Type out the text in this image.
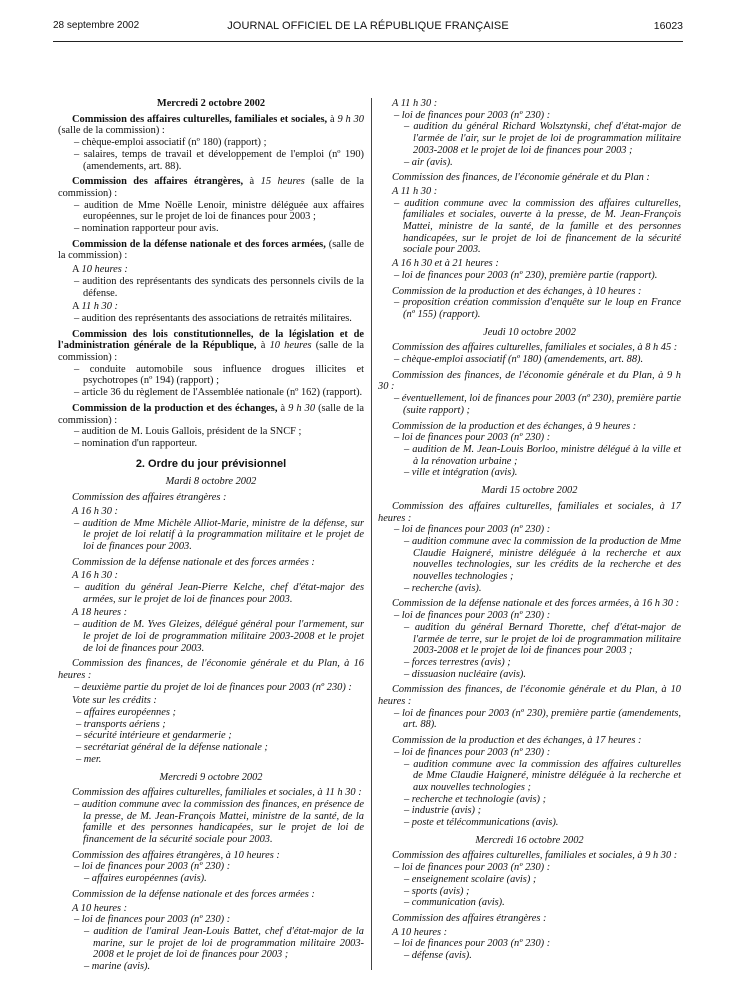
28 septembre 2002	JOURNAL OFFICIEL DE LA RÉPUBLIQUE FRANÇAISE	16023
Mercredi 2 octobre 2002

Commission des affaires culturelles, familiales et sociales, à 9 h 30 (salle de la commission) :

– chèque-emploi associatif (nº 180) (rapport) ;

– salaires, temps de travail et développement de l'emploi (nº 190) (amendements, art. 88).

Commission des affaires étrangères, à 15 heures (salle de la commission) :

– audition de Mme Noëlle Lenoir, ministre déléguée aux affaires européennes, sur le projet de loi de finances pour 2003 ;

– nomination rapporteur pour avis.

Commission de la défense nationale et des forces armées, (salle de la commission) :

A 10 heures :

– audition des représentants des syndicats des personnels civils de la défense.

A 11 h 30 :

– audition des représentants des associations de retraités militaires.

Commission des lois constitutionnelles, de la législation et de l'administration générale de la République, à 10 heures (salle de la commission) :

– conduite automobile sous influence drogues illicites et psychotropes (nº 194) (rapport) ;

– article 36 du règlement de l'Assemblée nationale (nº 162) (rapport).

Commission de la production et des échanges, à 9 h 30 (salle de la commission) :

– audition de M. Louis Gallois, président de la SNCF ;

– nomination d'un rapporteur.

2. Ordre du jour prévisionnel
Mardi 8 octobre 2002

Commission des affaires étrangères :

A 16 h 30 :

– audition de Mme Michèle Alliot-Marie, ministre de la défense, sur le projet de loi relatif à la programmation militaire et le projet de loi de finances pour 2003.

Commission de la défense nationale et des forces armées :

A 16 h 30 :

– audition du général Jean-Pierre Kelche, chef d'état-major des armées, sur le projet de loi de finances pour 2003.

A 18 heures :

– audition de M. Yves Gleizes, délégué général pour l'armement, sur le projet de loi de programmation militaire 2003-2008 et le projet de loi de finances pour 2003.

Commission des finances, de l'économie générale et du Plan, à 16 heures :

– deuxième partie du projet de loi de finances pour 2003 (nº 230) :

Vote sur les crédits :

– affaires européennes ;

– transports aériens ;

– sécurité intérieure et gendarmerie ;

– secrétariat général de la défense nationale ;

– mer.

Mercredi 9 octobre 2002

Commission des affaires culturelles, familiales et sociales, à 11 h 30 :

– audition commune avec la commission des finances, en présence de la presse, de M. Jean-François Mattei, ministre de la santé, de la famille et des personnes handicapées, sur le projet de loi de financement de la sécurité sociale pour 2003.

Commission des affaires étrangères, à 10 heures :

– loi de finances pour 2003 (nº 230) :

– affaires européennes (avis).

Commission de la défense nationale et des forces armées :

A 10 heures :

– loi de finances pour 2003 (nº 230) :

– audition de l'amiral Jean-Louis Battet, chef d'état-major de la marine, sur le projet de loi de programmation militaire 2003-2008 et le projet de loi de finances pour 2003 ;

– marine (avis).

A 11 h 30 :

– loi de finances pour 2003 (nº 230) :

– audition du général Richard Wolsztynski, chef d'état-major de l'armée de l'air, sur le projet de loi de programmation militaire 2003-2008 et le projet de loi de finances pour 2003 ;

– air (avis).

Commission des finances, de l'économie générale et du Plan :

A 11 h 30 :

– audition commune avec la commission des affaires culturelles, familiales et sociales, ouverte à la presse, de M. Jean-François Mattei, ministre de la santé, de la famille et des personnes handicapées, sur le projet de loi de financement de la sécurité sociale pour 2003.

A 16 h 30 et à 21 heures :

– loi de finances pour 2003 (nº 230), première partie (rapport).

Commission de la production et des échanges, à 10 heures :

– proposition création commission d'enquête sur le loup en France (nº 155) (rapport).

Jeudi 10 octobre 2002

Commission des affaires culturelles, familiales et sociales, à 8 h 45 :

– chèque-emploi associatif (nº 180) (amendements, art. 88).

Commission des finances, de l'économie générale et du Plan, à 9 h 30 :

– éventuellement, loi de finances pour 2003 (nº 230), première partie (suite rapport) ;

Commission de la production et des échanges, à 9 heures :

– loi de finances pour 2003 (nº 230) :

– audition de M. Jean-Louis Borloo, ministre délégué à la ville et à la rénovation urbaine ;

– ville et intégration (avis).

Mardi 15 octobre 2002

Commission des affaires culturelles, familiales et sociales, à 17 heures :

– loi de finances pour 2003 (nº 230) :

– audition commune avec la commission de la production de Mme Claudie Haigneré, ministre déléguée à la recherche et aux nouvelles technologies, sur les crédits de la recherche et des nouvelles technologies ;

– recherche (avis).

Commission de la défense nationale et des forces armées, à 16 h 30 :

– loi de finances pour 2003 (nº 230) :

– audition du général Bernard Thorette, chef d'état-major de l'armée de terre, sur le projet de loi de programmation militaire 2003-2008 et le projet de loi de finances pour 2003 ;

– forces terrestres (avis) ;

– dissuasion nucléaire (avis).

Commission des finances, de l'économie générale et du Plan, à 10 heures :

– loi de finances pour 2003 (nº 230), première partie (amendements, art. 88).

Commission de la production et des échanges, à 17 heures :

– loi de finances pour 2003 (nº 230) :

– audition commune avec la commission des affaires culturelles de Mme Claudie Haigneré, ministre déléguée à la recherche et aux nouvelles technologies ;

– recherche et technologie (avis) ;

– industrie (avis) ;

– poste et télécommunications (avis).

Mercredi 16 octobre 2002

Commission des affaires culturelles, familiales et sociales, à 9 h 30 :

– loi de finances pour 2003 (nº 230) :

– enseignement scolaire (avis) ;

– sports (avis) ;

– communication (avis).

Commission des affaires étrangères :

A 10 heures :

– loi de finances pour 2003 (nº 230) :

– défense (avis).
